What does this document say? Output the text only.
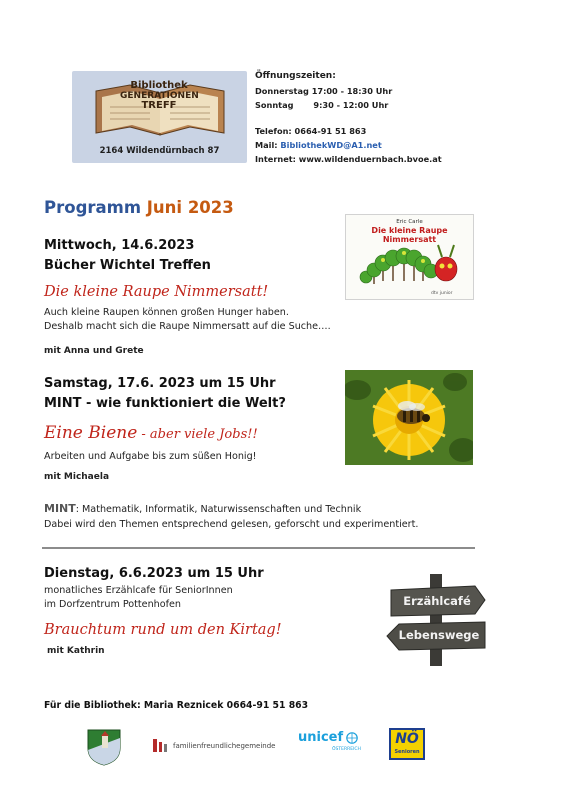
Bibliothek
GENERATIONEN
TREFF
2164 Wildendürnbach 87
Öffnungszeiten:
Donnerstag 17:00 - 18:30 Uhr
Sonntag       9:30 - 12:00 Uhr
Telefon: 0664-91 51 863
Mail: BibliothekWD@A1.net
Internet: www.wildenduernbach.bvoe.at
Programm Juni 2023
Mittwoch, 14.6.2023
Bücher Wichtel Treffen
Die kleine Raupe Nimmersatt!
Auch kleine Raupen können großen Hunger haben.
Deshalb macht sich die Raupe Nimmersatt auf die Suche….
mit Anna und Grete
Eric Carle
Die kleine Raupe Nimmersatt
dtv junior
Samstag, 17.6. 2023 um 15 Uhr
MINT - wie funktioniert die Welt?
Eine Biene - aber viele Jobs!!
Arbeiten und Aufgabe bis zum süßen Honig!
mit Michaela
MINT: Mathematik, Informatik, Naturwissenschaften und Technik
Dabei wird den Themen entsprechend gelesen, geforscht und experimentiert.
Dienstag, 6.6.2023 um 15 Uhr
monatliches Erzählcafe für SeniorInnen
im Dorfzentrum Pottenhofen
Brauchtum rund um den Kirtag!
mit Kathrin
Erzählcafé
Lebenswege
Für die Bibliothek: Maria Reznicek 0664-91 51 863
familienfreundlichegemeinde
unicef
ÖSTERREICH
NÖ
Senioren
